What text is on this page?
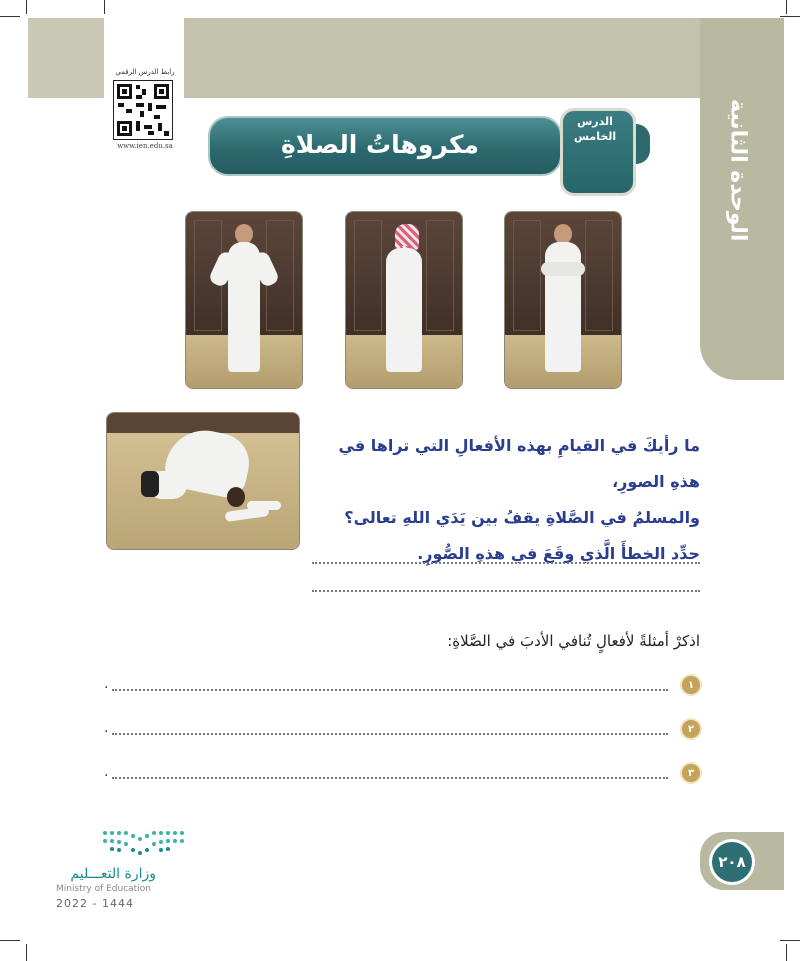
الوحدة الثانية
رابط الدرس الرقمي
www.ien.edu.sa	مكروهاتُ الصلاةِ
الدرس الخامس
ما رأيكَ في القيامِ بهذه الأفعالِ التي تراها في هذهِ الصورِ،
والمسلمُ في الصَّلاةِ يقفُ بين يَدَي اللهِ تعالى؟
حدِّد الخطأَ الَّذي وقَعَ في هذهِ الصُّورِ.
اذكرْ أمثلةً لأفعالٍ تُنافي الأدبَ في الصَّلاةِ:
١
.
٢
.
٣
.
٢٠٨
وزارة التعـــليم
Ministry of Education
2022 - 1444
